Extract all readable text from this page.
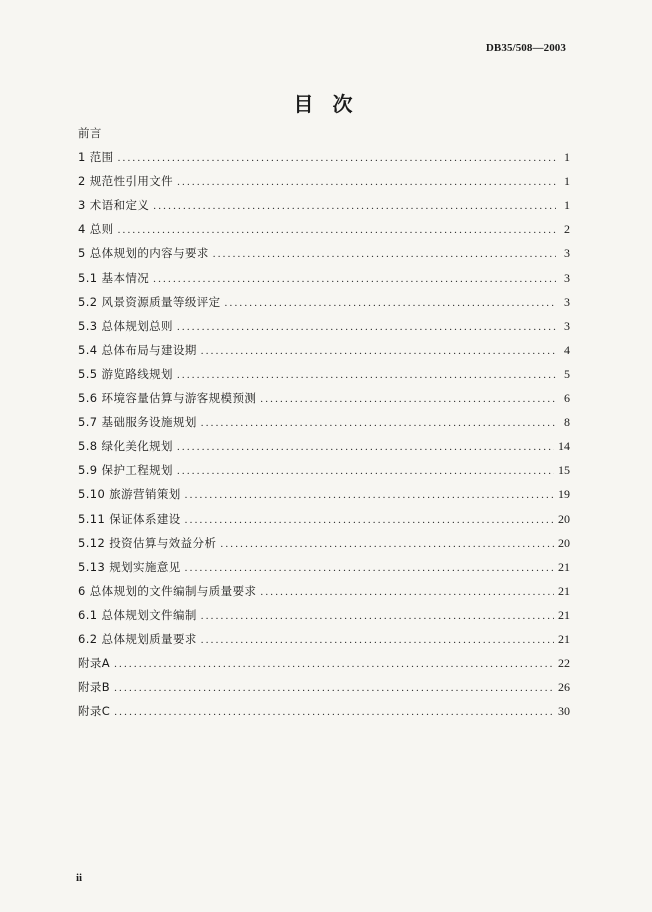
DB35/508—2003
目 次
前言
1 范围 .....	1
2 规范性引用文件 .....	1
3 术语和定义 .....	1
4 总则 .....	2
5 总体规划的内容与要求 .....	3
5.1 基本情况 .....	3
5.2 风景资源质量等级评定 .....	3
5.3 总体规划总则 .....	3
5.4 总体布局与建设期 .....	4
5.5 游览路线规划 .....	5
5.6 环境容量估算与游客规模预测 .....	6
5.7 基础服务设施规划 .....	8
5.8 绿化美化规划 .....	14
5.9 保护工程规划 .....	15
5.10 旅游营销策划 .....	19
5.11 保证体系建设 .....	20
5.12 投资估算与效益分析 .....	20
5.13 规划实施意见 .....	21
6 总体规划的文件编制与质量要求 .....	21
6.1 总体规划文件编制 .....	21
6.2 总体规划质量要求 .....	21
附录A .....	22
附录B .....	26
附录C .....	30
ii
